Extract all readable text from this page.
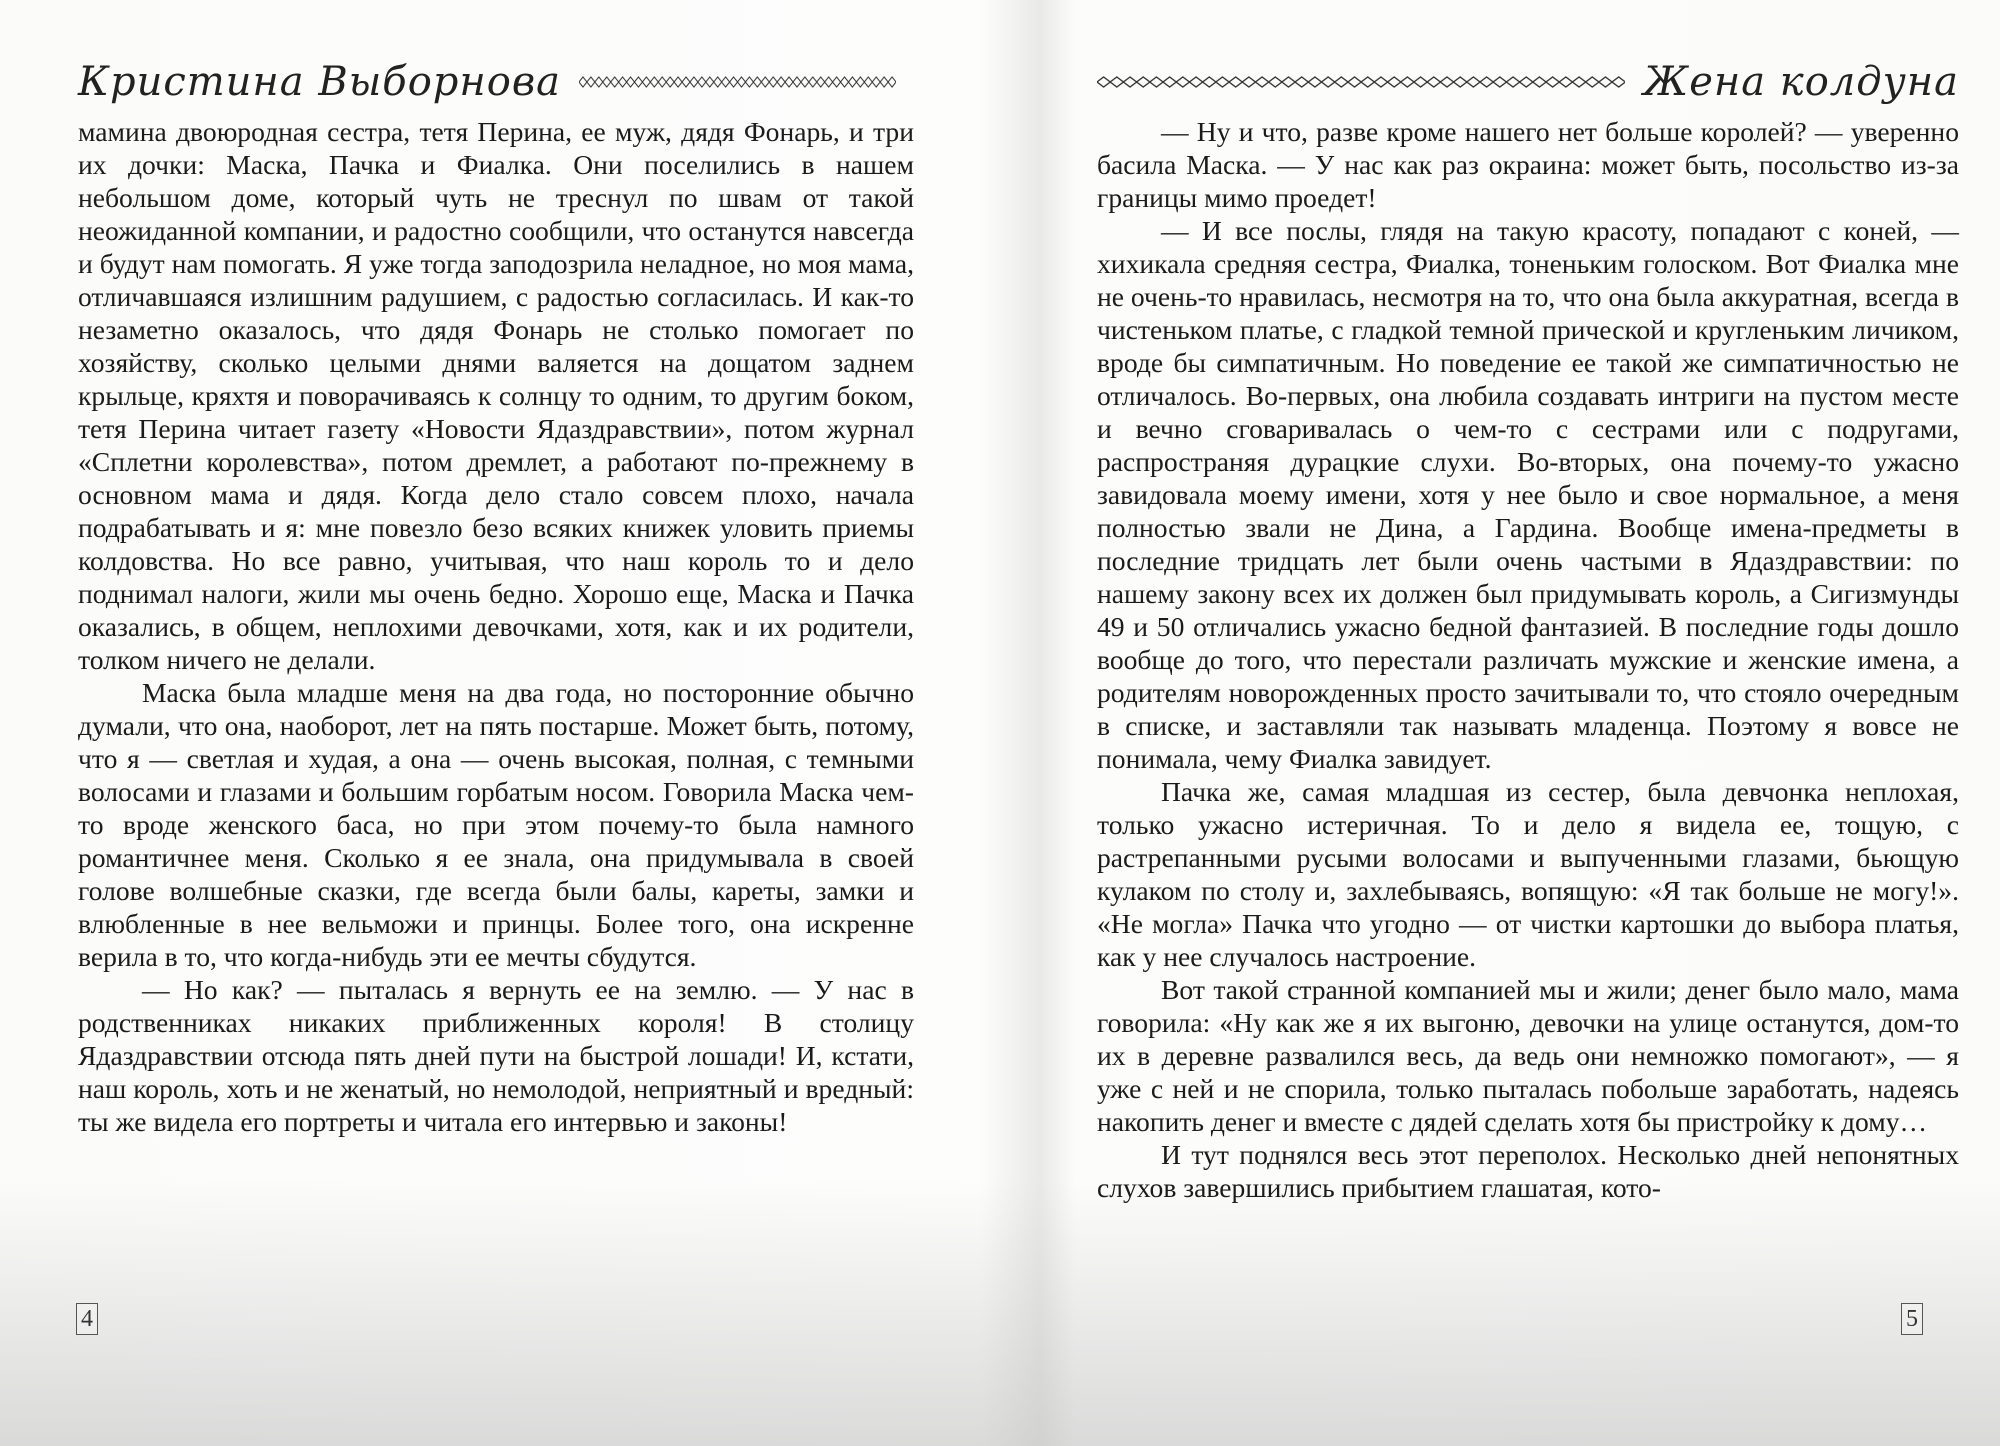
Кристина Выборнова

мамина двоюродная сестра, тетя Перина, ее муж, дядя Фонарь, и три их дочки: Маска, Пачка и Фиалка. Они поселились в нашем небольшом доме, который чуть не треснул по швам от такой неожиданной компании, и радостно сообщили, что останутся навсегда и будут нам помогать. Я уже тогда заподозрила неладное, но моя мама, отличавшаяся излишним радушием, с радостью согласилась. И как-то незаметно оказалось, что дядя Фонарь не столько помогает по хозяйству, сколько целыми днями валяется на дощатом заднем крыльце, кряхтя и поворачиваясь к солнцу то одним, то другим боком, тетя Перина читает газету «Новости Ядаздравствии», потом журнал «Сплетни королевства», потом дремлет, а работают по-прежнему в основном мама и дядя. Когда дело стало совсем плохо, начала подрабатывать и я: мне повезло безо всяких книжек уловить приемы колдовства. Но все равно, учитывая, что наш король то и дело поднимал налоги, жили мы очень бедно. Хорошо еще, Маска и Пачка оказались, в общем, неплохими девочками, хотя, как и их родители, толком ничего не делали.

Маска была младше меня на два года, но посторонние обычно думали, что она, наоборот, лет на пять постарше. Может быть, потому, что я — светлая и худая, а она — очень высокая, полная, с темными волосами и глазами и большим горбатым носом. Говорила Маска чем-то вроде женского баса, но при этом почему-то была намного романтичнее меня. Сколько я ее знала, она придумывала в своей голове волшебные сказки, где всегда были балы, кареты, замки и влюбленные в нее вельможи и принцы. Более того, она искренне верила в то, что когда-нибудь эти ее мечты сбудутся.

— Но как? — пыталась я вернуть ее на землю. — У нас в родственниках никаких приближенных короля! В столицу Ядаздравствии отсюда пять дней пути на быстрой лошади! И, кстати, наш король, хоть и не женатый, но немолодой, неприятный и вредный: ты же видела его портреты и читала его интервью и законы!

4
Жена колдуна

— Ну и что, разве кроме нашего нет больше королей? — уверенно басила Маска. — У нас как раз окраина: может быть, посольство из-за границы мимо проедет!

— И все послы, глядя на такую красоту, попадают с коней, — хихикала средняя сестра, Фиалка, тоненьким голоском. Вот Фиалка мне не очень-то нравилась, несмотря на то, что она была аккуратная, всегда в чистеньком платье, с гладкой темной прической и кругленьким личиком, вроде бы симпатичным. Но поведение ее такой же симпатичностью не отличалось. Во-первых, она любила создавать интриги на пустом месте и вечно сговаривалась о чем-то с сестрами или с подругами, распространяя дурацкие слухи. Во-вторых, она почему-то ужасно завидовала моему имени, хотя у нее было и свое нормальное, а меня полностью звали не Дина, а Гардина. Вообще имена-предметы в последние тридцать лет были очень частыми в Ядаздравствии: по нашему закону всех их должен был придумывать король, а Сигизмунды 49 и 50 отличались ужасно бедной фантазией. В последние годы дошло вообще до того, что перестали различать мужские и женские имена, а родителям новорожденных просто зачитывали то, что стояло очередным в списке, и заставляли так называть младенца. Поэтому я вовсе не понимала, чему Фиалка завидует.

Пачка же, самая младшая из сестер, была девчонка неплохая, только ужасно истеричная. То и дело я видела ее, тощую, с растрепанными русыми волосами и выпученными глазами, бьющую кулаком по столу и, захлебываясь, вопящую: «Я так больше не могу!». «Не могла» Пачка что угодно — от чистки картошки до выбора платья, как у нее случалось настроение.

Вот такой странной компанией мы и жили; денег было мало, мама говорила: «Ну как же я их выгоню, девочки на улице останутся, дом-то их в деревне развалился весь, да ведь они немножко помогают», — я уже с ней и не спорила, только пыталась побольше заработать, надеясь накопить денег и вместе с дядей сделать хотя бы пристройку к дому…

И тут поднялся весь этот переполох. Несколько дней непонятных слухов завершились прибытием глашатая, кото-

5
